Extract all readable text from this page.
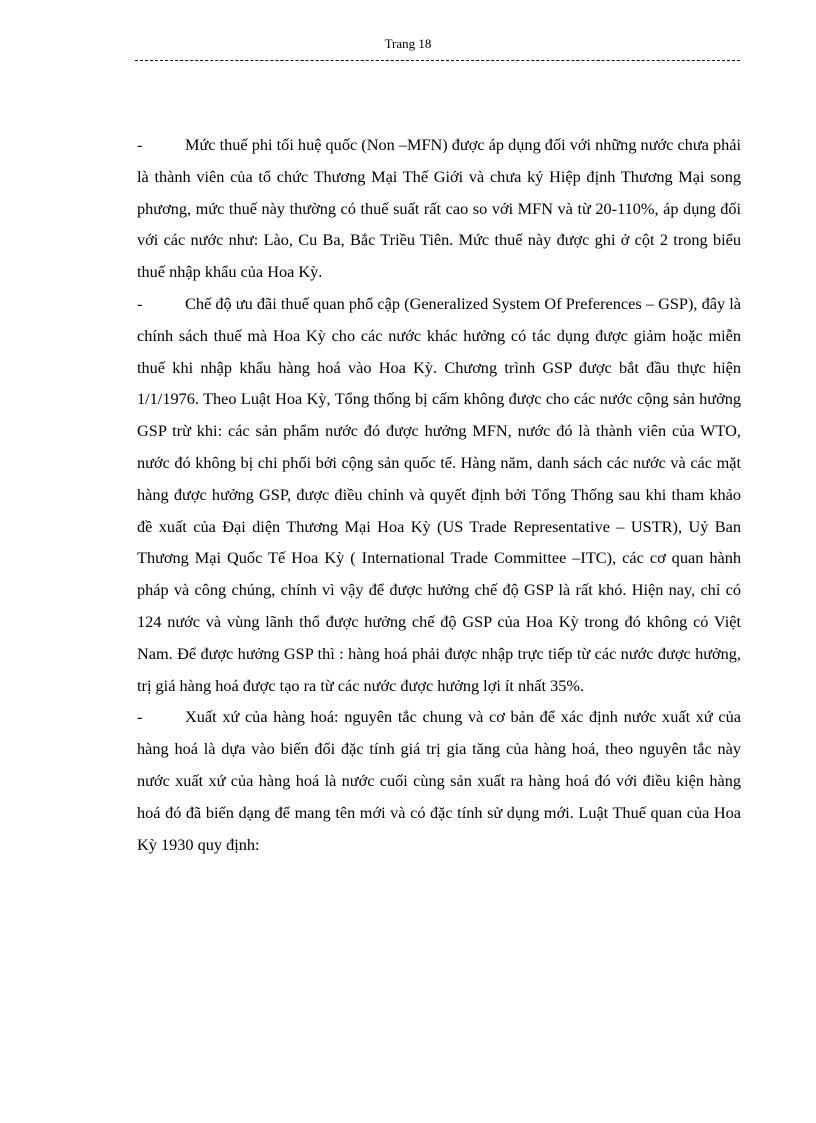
Trang 18

-	Mức thuế phi tối huệ quốc (Non –MFN) được áp dụng đối với những nước chưa phải là thành viên của tổ chức Thương Mại Thế Giới và chưa ký Hiệp định Thương Mại song phương, mức thuế này thường có thuế suất rất cao so với MFN và từ 20-110%, áp dụng đối với các nước như: Lào, Cu Ba, Bắc Triều Tiên. Mức thuế này được ghi ở cột 2 trong biểu thuế nhập khẩu của Hoa Kỳ.

-	Chế độ ưu đãi thuế quan phổ cập (Generalized System Of Preferences – GSP), đây là chính sách thuế mà Hoa Kỳ cho các nước khác hưởng có tác dụng được giảm hoặc miễn thuế khi nhập khẩu hàng hoá vào Hoa Kỳ. Chương trình GSP được bắt đầu thực hiện 1/1/1976. Theo Luật Hoa Kỳ, Tổng thống bị cấm không được cho các nước cộng sản hưởng GSP trừ khi: các sản phẩm nước đó được hưởng MFN, nước đó là thành viên của WTO, nước đó không bị chi phối bởi cộng sản quốc tế. Hàng năm, danh sách các nước và các mặt hàng được hưởng GSP, được điều chỉnh và quyết định bởi Tổng Thống sau khi tham khảo đề xuất của Đại diện Thương Mại Hoa Kỳ (US Trade Representative – USTR), Uỷ Ban Thương Mại Quốc Tế Hoa Kỳ ( International Trade Committee –ITC), các cơ quan hành pháp và công chúng, chính vì vậy để được hưởng chế độ GSP là rất khó. Hiện nay, chỉ có 124 nước và vùng lãnh thổ được hưởng chế độ GSP của Hoa Kỳ trong đó không có Việt Nam. Để được hưởng GSP thì : hàng hoá phải được nhập trực tiếp từ các nước được hưởng, trị giá hàng hoá được tạo ra từ các nước được hưởng lợi ít nhất 35%.

-	Xuất xứ của hàng hoá: nguyên tắc chung và cơ bản để xác định nước xuất xứ của hàng hoá là dựa vào biến đổi đặc tính giá trị gia tăng của hàng hoá, theo nguyên tắc này nước xuất xứ của hàng hoá là nước cuối cùng sản xuất ra hàng hoá đó với điều kiện hàng hoá đó đã biến dạng để mang tên mới và có đặc tính sử dụng mới. Luật Thuế quan của Hoa Kỳ 1930 quy định:
